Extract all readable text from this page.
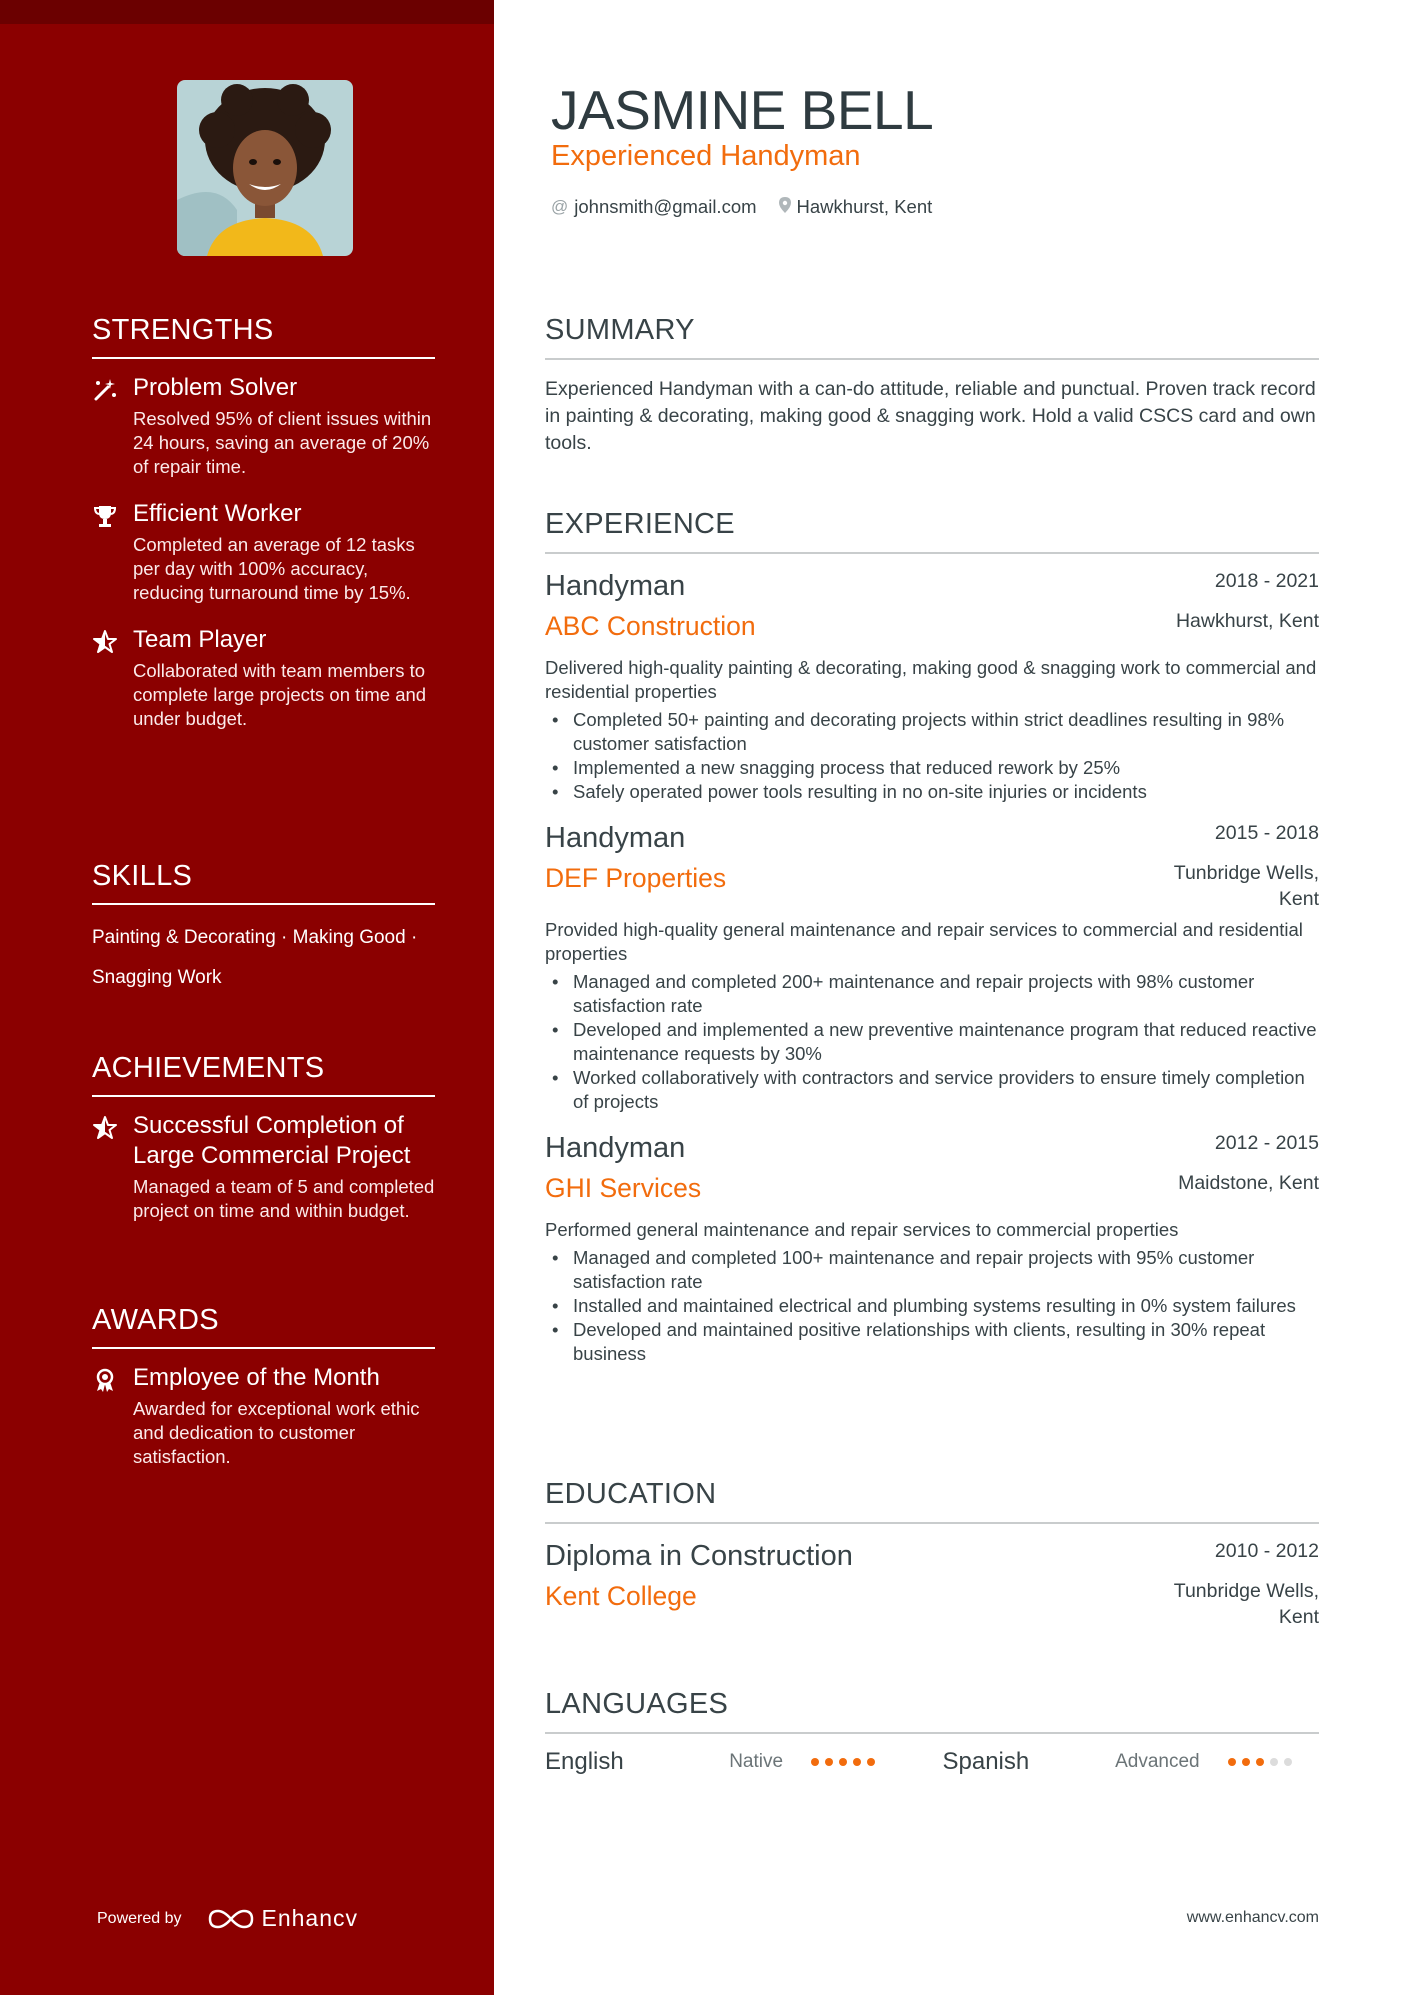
STRENGTHS
Problem Solver
Resolved 95% of client issues within 24 hours, saving an average of 20% of repair time.
Efficient Worker
Completed an average of 12 tasks per day with 100% accuracy, reducing turnaround time by 15%.
Team Player
Collaborated with team members to complete large projects on time and under budget.
SKILLS
Painting & Decorating · Making Good ·
Snagging Work
ACHIEVEMENTS
Successful Completion of Large Commercial Project
Managed a team of 5 and completed project on time and within budget.
AWARDS
Employee of the Month
Awarded for exceptional work ethic and dedication to customer satisfaction.
Powered by	Enhancv
JASMINE BELL
Experienced Handyman
@ johnsmith@gmail.com Hawkhurst, Kent
SUMMARY
Experienced Handyman with a can-do attitude, reliable and punctual. Proven track record in painting & decorating, making good & snagging work. Hold a valid CSCS card and own tools.
EXPERIENCE
Handyman	2018 - 2021
ABC Construction	Hawkhurst, Kent
Delivered high-quality painting & decorating, making good & snagging work to commercial and residential properties
• Completed 50+ painting and decorating projects within strict deadlines resulting in 98% customer satisfaction
• Implemented a new snagging process that reduced rework by 25%
• Safely operated power tools resulting in no on-site injuries or incidents
Handyman	2015 - 2018
DEF Properties	Tunbridge Wells,
Kent
Provided high-quality general maintenance and repair services to commercial and residential properties
• Managed and completed 200+ maintenance and repair projects with 98% customer satisfaction rate
• Developed and implemented a new preventive maintenance program that reduced reactive maintenance requests by 30%
• Worked collaboratively with contractors and service providers to ensure timely completion of projects
Handyman	2012 - 2015
GHI Services	Maidstone, Kent
Performed general maintenance and repair services to commercial properties
• Managed and completed 100+ maintenance and repair projects with 95% customer satisfaction rate
• Installed and maintained electrical and plumbing systems resulting in 0% system failures
• Developed and maintained positive relationships with clients, resulting in 30% repeat business
EDUCATION
Diploma in Construction	2010 - 2012
Kent College	Tunbridge Wells,
Kent
LANGUAGES
English	Native	Spanish	Advanced
www.enhancv.com
